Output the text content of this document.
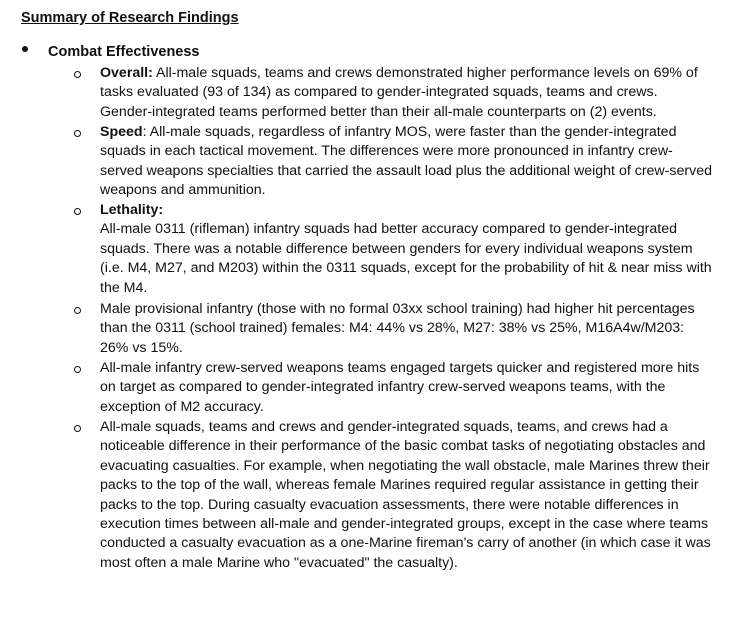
Summary of Research Findings
Combat Effectiveness
Overall: All-male squads, teams and crews demonstrated higher performance levels on 69% of tasks evaluated (93 of 134) as compared to gender-integrated squads, teams and crews. Gender-integrated teams performed better than their all-male counterparts on (2) events.
Speed: All-male squads, regardless of infantry MOS, were faster than the gender-integrated squads in each tactical movement. The differences were more pronounced in infantry crew-served weapons specialties that carried the assault load plus the additional weight of crew-served weapons and ammunition.
Lethality:
All-male 0311 (rifleman) infantry squads had better accuracy compared to gender-integrated squads. There was a notable difference between genders for every individual weapons system (i.e. M4, M27, and M203) within the 0311 squads, except for the probability of hit & near miss with the M4.
Male provisional infantry (those with no formal 03xx school training) had higher hit percentages than the 0311 (school trained) females: M4: 44% vs 28%, M27: 38% vs 25%, M16A4w/M203: 26% vs 15%.
All-male infantry crew-served weapons teams engaged targets quicker and registered more hits on target as compared to gender-integrated infantry crew-served weapons teams, with the exception of M2 accuracy.
All-male squads, teams and crews and gender-integrated squads, teams, and crews had a noticeable difference in their performance of the basic combat tasks of negotiating obstacles and evacuating casualties. For example, when negotiating the wall obstacle, male Marines threw their packs to the top of the wall, whereas female Marines required regular assistance in getting their packs to the top. During casualty evacuation assessments, there were notable differences in execution times between all-male and gender-integrated groups, except in the case where teams conducted a casualty evacuation as a one-Marine fireman's carry of another (in which case it was most often a male Marine who "evacuated" the casualty).
